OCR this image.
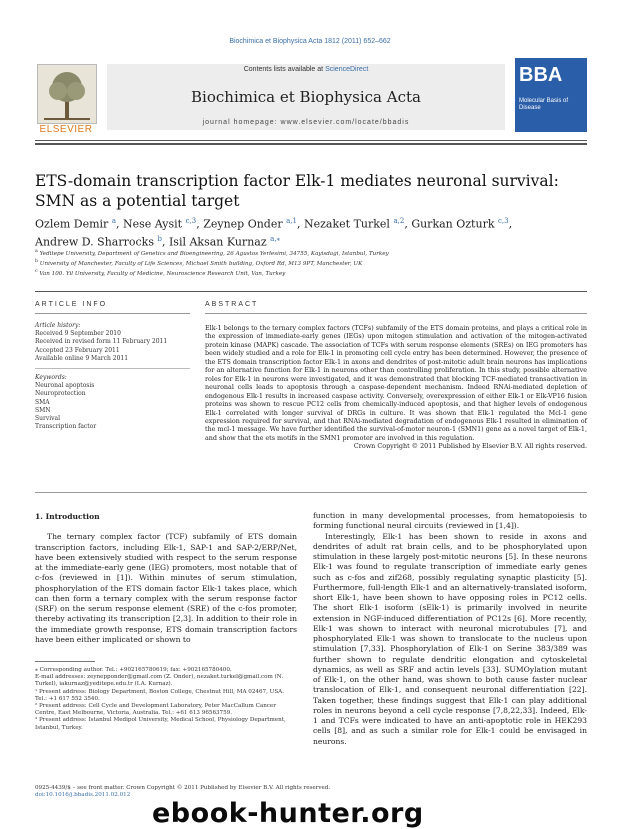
Biochimica et Biophysica Acta 1812 (2011) 652–662
ELSEVIER
Contents lists available at ScienceDirect
Biochimica et Biophysica Acta
journal homepage: www.elsevier.com/locate/bbadis
BBA
Molecular Basis of Disease
ETS-domain transcription factor Elk-1 mediates neuronal survival: SMN as a potential target
Ozlem Demir $^a$, Nese Aysit $^{c,3}$, Zeynep Onder $^{a,1}$, Nezaket Turkel $^{a,2}$, Gurkan Ozturk $^{c,3}$,
Andrew D. Sharrocks $^b$, Isil Aksan Kurnaz $^{a,⁎}$
$^a$ Yeditepe University, Department of Genetics and Bioengineering, 26 Agustos Yerlesimi, 34755, Kayisdagi, Istanbul, Turkey
$^b$ University of Manchester, Faculty of Life Sciences, Michael Smith building, Oxford Rd, M13 9PT, Manchester, UK
$^c$ Van 100. Yil University, Faculty of Medicine, Neuroscience Research Unit, Van, Turkey
ARTICLE INFO	ABSTRACT
Article history:
Received 9 September 2010
Received in revised form 11 February 2011
Accepted 23 February 2011
Available online 9 March 2011
Keywords:
Neuronal apoptosis
Neuroprotection
SMA
SMN
Survival
Transcription factor
Elk-1 belongs to the ternary complex factors (TCFs) subfamily of the ETS domain proteins, and plays a critical role in the expression of immediate-early genes (IEGs) upon mitogen stimulation and activation of the mitogen-activated protein kinase (MAPK) cascade. The association of TCFs with serum response elements (SREs) on IEG promoters has been widely studied and a role for Elk-1 in promoting cell cycle entry has been determined. However, the presence of the ETS domain transcription factor Elk-1 in axons and dendrites of post-mitotic adult brain neurons has implications for an alternative function for Elk-1 in neurons other than controlling proliferation. In this study, possible alternative roles for Elk-1 in neurons were investigated, and it was demonstrated that blocking TCF-mediated transactivation in neuronal cells leads to apoptosis through a caspase-dependent mechanism. Indeed RNAi-mediated depletion of endogenous Elk-1 results in increased caspase activity. Conversely, overexpression of either Elk-1 or Elk-VP16 fusion proteins was shown to rescue PC12 cells from chemically-induced apoptosis, and that higher levels of endogenous Elk-1 correlated with longer survival of DRGs in culture. It was shown that Elk-1 regulated the Mcl-1 gene expression required for survival, and that RNAi-mediated degradation of endogenous Elk-1 resulted in elimination of the mcl-1 message. We have further identified the survival-of-motor neuron-1 (SMN1) gene as a novel target of Elk-1, and show that the ets motifs in the SMN1 promoter are involved in this regulation.
Crown Copyright © 2011 Published by Elsevier B.V. All rights reserved.
1. Introduction
The ternary complex factor (TCF) subfamily of ETS domain transcription factors, including Elk-1, SAP-1 and SAP-2/ERP/Net, have been extensively studied with respect to the serum response at the immediate-early gene (IEG) promoters, most notable that of c-fos (reviewed in [1]). Within minutes of serum stimulation, phosphorylation of the ETS domain factor Elk-1 takes place, which can then form a ternary complex with the serum response factor (SRF) on the serum response element (SRE) of the c-fos promoter, thereby activating its transcription [2,3]. In addition to their role in the immediate growth response, ETS domain transcription factors have been either implicated or shown to
function in many developmental processes, from hematopoiesis to forming functional neural circuits (reviewed in [1,4]).
Interestingly, Elk-1 has been shown to reside in axons and dendrites of adult rat brain cells, and to be phosphorylated upon stimulation in these largely post-mitotic neurons [5]. In these neurons Elk-1 was found to regulate transcription of immediate early genes such as c-fos and zif268, possibly regulating synaptic plasticity [5]. Furthermore, full-length Elk-1 and an alternatively-translated isoform, short Elk-1, have been shown to have opposing roles in PC12 cells. The short Elk-1 isoform (sElk-1) is primarily involved in neurite extension in NGF-induced differentiation of PC12s [6]. More recently, Elk-1 was shown to interact with neuronal microtubules [7], and phosphorylated Elk-1 was shown to translocate to the nucleus upon stimulation [7,33]. Phosphorylation of Elk-1 on Serine 383/389 was further shown to regulate dendritic elongation and cytoskeletal dynamics, as well as SRF and actin levels [33]. SUMOylation mutant of Elk-1, on the other hand, was shown to both cause faster nuclear translocation of Elk-1, and consequent neuronal differentiation [22]. Taken together, these findings suggest that Elk-1 can play additional roles in neurons beyond a cell cycle response [7,8,22,33]. Indeed, Elk-1 and TCFs were indicated to have an anti-apoptotic role in HEK293 cells [8], and as such a similar role for Elk-1 could be envisaged in neurons.
⁎ Corresponding author. Tel.: +902165780619; fax: +902165780400.
E-mail addresses: zeynepponder@gmail.com (Z. Onder), nezaket.turkel@gmail.com (N. Turkel), iakurnaz@yeditepe.edu.tr (I.A. Kurnaz).
¹ Present address: Biology Department, Boston College, Chestnut Hill, MA 02467, USA. Tel.: +1 617 552 3540.
² Present address: Cell Cycle and Development Laboratory, Peter MacCallum Cancer Centre, East Melbourne, Victoria, Australia. Tel.: +61 613 96563759.
³ Present address: Istanbul Medipol University, Medical School, Physiology Department, Istanbul, Turkey.
0925-4439/$ – see front matter. Crown Copyright © 2011 Published by Elsevier B.V. All rights reserved.
doi:10.1016/j.bbadis.2011.02.012
ebook-hunter.org
